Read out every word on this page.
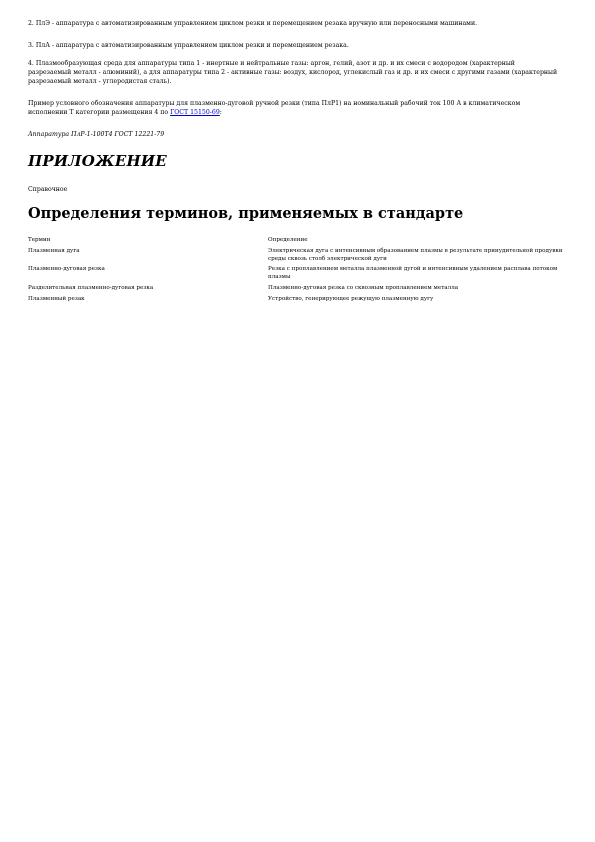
2. ПлЭ - аппаратура с автоматизированным управлением циклом резки и перемещением резака вручную или переносными машинами.

3. ПлА - аппаратура с автоматизированным управлением циклом резки и перемещением резака.

4. Плазмообразующая среда для аппаратуры типа 1 - инертные и нейтральные газы: аргон, гелий, азот и др. и их смеси с водородом (характерный разрезаемый металл - алюминий), а для аппаратуры типа 2 - активные газы: воздух, кислород, углекислый газ и др. и их смеси с другими газами (характерный разрезаемый металл - углеродистая сталь).

Пример условного обозначения аппаратуры для плазменно-дуговой ручной резки (типа ПлР1) на номинальный рабочий ток 100 А в климатическом исполнении Т категории размещения 4 по ГОСТ 15150-69:

Аппаратура ПлР-1-100Т4 ГОСТ 12221-79

ПРИЛОЖЕНИЕ

Справочное

Определения терминов, применяемых в стандарте
Термин	Определение
Плазменная дуга	Электрическая дуга с интенсивным образованием плазмы в результате принудительной продувки среды сквозь столб электрической дуги
Плазменно-дуговая резка	Резка с проплавлением металла плазменной дугой и интенсивным удалением расплава потоком плазмы
Разделительная плазменно-дуговая резка	Плазменно-дуговая резка со сквозным проплавлением металла
Плазменный резак	Устройство, генерирующее режущую плазменную дугу
